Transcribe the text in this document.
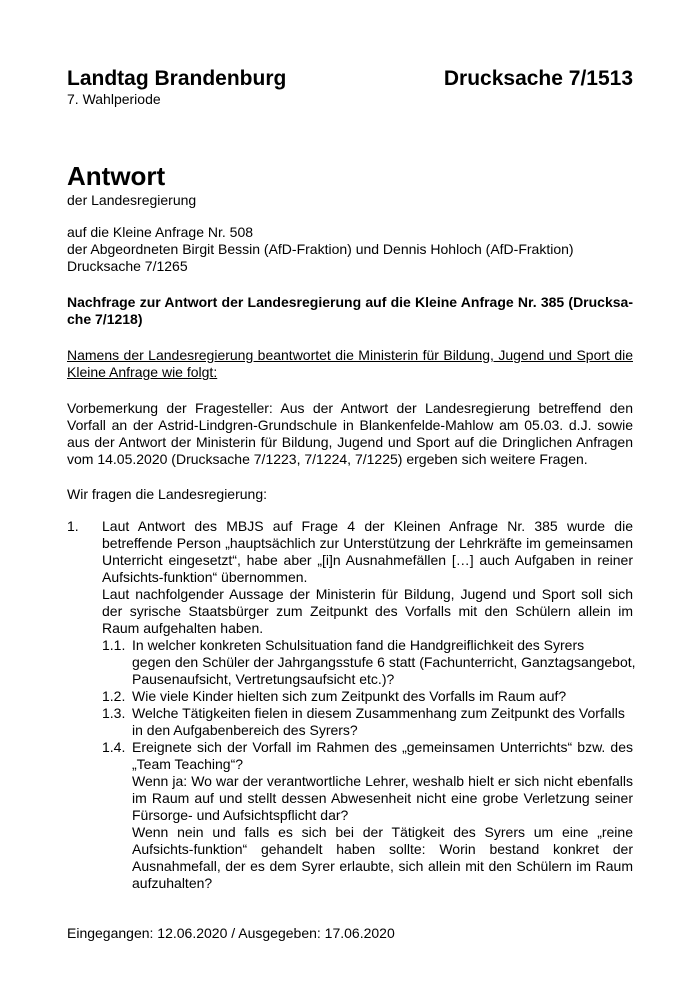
Landtag Brandenburg	Drucksache 7/1513
7. Wahlperiode
Antwort
der Landesregierung
auf die Kleine Anfrage Nr. 508
der Abgeordneten Birgit Bessin (AfD-Fraktion) und Dennis Hohloch (AfD-Fraktion)
Drucksache 7/1265
Nachfrage zur Antwort der Landesregierung auf die Kleine Anfrage Nr. 385 (Drucksa-che 7/1218)
Namens der Landesregierung beantwortet die Ministerin für Bildung, Jugend und Sport die Kleine Anfrage wie folgt:
Vorbemerkung der Fragesteller: Aus der Antwort der Landesregierung betreffend den Vorfall an der Astrid-Lindgren-Grundschule in Blankenfelde-Mahlow am 05.03. d.J. sowie aus der Antwort der Ministerin für Bildung, Jugend und Sport auf die Dringlichen Anfragen vom 14.05.2020 (Drucksache 7/1223, 7/1224, 7/1225) ergeben sich weitere Fragen.
Wir fragen die Landesregierung:
1. Laut Antwort des MBJS auf Frage 4 der Kleinen Anfrage Nr. 385 wurde die betreffende Person „hauptsächlich zur Unterstützung der Lehrkräfte im gemeinsamen Unterricht eingesetzt“, habe aber „[i]n Ausnahmefällen […] auch Aufgaben in reiner Aufsichts-funktion“ übernommen.
Laut nachfolgender Aussage der Ministerin für Bildung, Jugend und Sport soll sich der syrische Staatsbürger zum Zeitpunkt des Vorfalls mit den Schülern allein im Raum aufgehalten haben.
1.1. In welcher konkreten Schulsituation fand die Handgreiflichkeit des Syrers
gegen den Schüler der Jahrgangsstufe 6 statt (Fachunterricht, Ganztagsangebot,
Pausenaufsicht, Vertretungsaufsicht etc.)?
1.2. Wie viele Kinder hielten sich zum Zeitpunkt des Vorfalls im Raum auf?
1.3. Welche Tätigkeiten fielen in diesem Zusammenhang zum Zeitpunkt des Vorfalls
in den Aufgabenbereich des Syrers?
1.4. Ereignete sich der Vorfall im Rahmen des „gemeinsamen Unterrichts“ bzw. des „Team Teaching“?
Wenn ja: Wo war der verantwortliche Lehrer, weshalb hielt er sich nicht ebenfalls im Raum auf und stellt dessen Abwesenheit nicht eine grobe Verletzung seiner Fürsorge- und Aufsichtspflicht dar?
Wenn nein und falls es sich bei der Tätigkeit des Syrers um eine „reine Aufsichts-funktion“ gehandelt haben sollte: Worin bestand konkret der Ausnahmefall, der es dem Syrer erlaubte, sich allein mit den Schülern im Raum aufzuhalten?
Eingegangen: 12.06.2020 / Ausgegeben: 17.06.2020
